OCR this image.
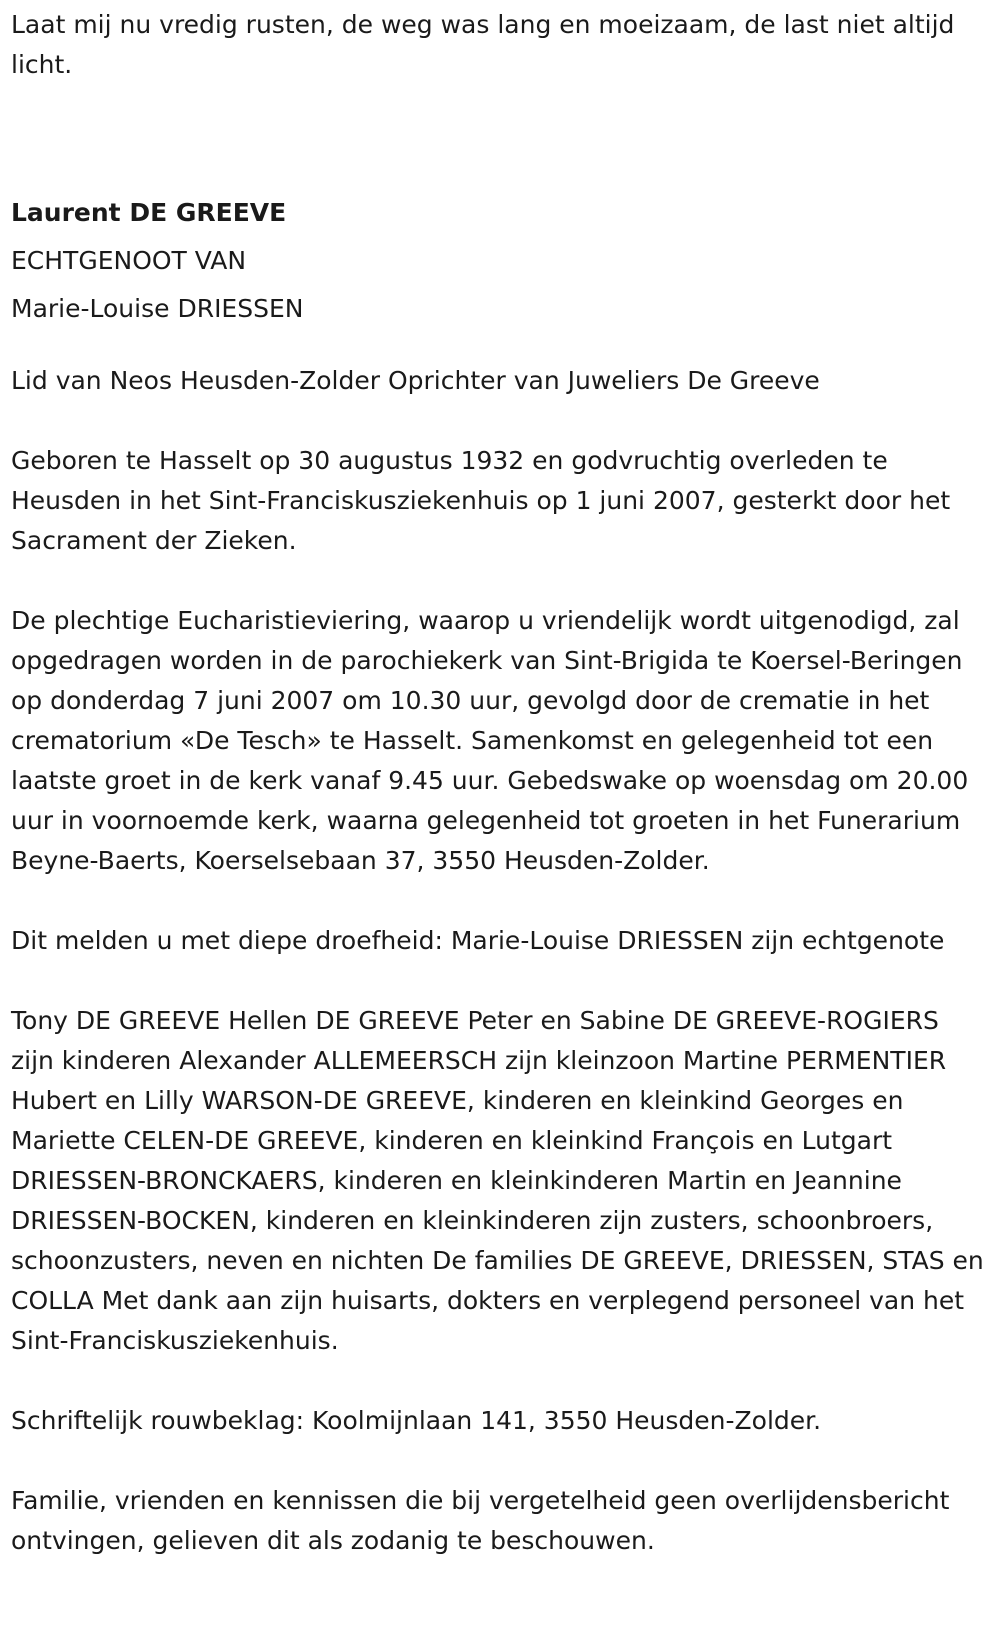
Laat mij nu vredig rusten, de weg was lang en moeizaam, de last niet altijd licht.

Laurent DE GREEVE

ECHTGENOOT VAN

Marie-Louise DRIESSEN

Lid van Neos Heusden-Zolder Oprichter van Juweliers De Greeve

Geboren te Hasselt op 30 augustus 1932 en godvruchtig overleden te Heusden in het Sint-Franciskusziekenhuis op 1 juni 2007, gesterkt door het Sacrament der Zieken.

De plechtige Eucharistieviering, waarop u vriendelijk wordt uitgenodigd, zal opgedragen worden in de parochiekerk van Sint-Brigida te Koersel-Beringen op donderdag 7 juni 2007 om 10.30 uur, gevolgd door de crematie in het crematorium «De Tesch» te Hasselt. Samenkomst en gelegenheid tot een laatste groet in de kerk vanaf 9.45 uur. Gebedswake op woensdag om 20.00 uur in voornoemde kerk, waarna gelegenheid tot groeten in het Funerarium Beyne-Baerts, Koerselsebaan 37, 3550 Heusden-Zolder.

Dit melden u met diepe droefheid: Marie-Louise DRIESSEN zijn echtgenote

Tony DE GREEVE Hellen DE GREEVE Peter en Sabine DE GREEVE-ROGIERS zijn kinderen Alexander ALLEMEERSCH zijn kleinzoon Martine PERMENTIER Hubert en Lilly WARSON-DE GREEVE, kinderen en kleinkind Georges en Mariette CELEN-DE GREEVE, kinderen en kleinkind François en Lutgart DRIESSEN-BRONCKAERS, kinderen en kleinkinderen Martin en Jeannine DRIESSEN-BOCKEN, kinderen en kleinkinderen zijn zusters, schoonbroers, schoonzusters, neven en nichten De families DE GREEVE, DRIESSEN, STAS en COLLA Met dank aan zijn huisarts, dokters en verplegend personeel van het Sint-Franciskusziekenhuis.

Schriftelijk rouwbeklag: Koolmijnlaan 141, 3550 Heusden-Zolder.

Familie, vrienden en kennissen die bij vergetelheid geen overlijdensbericht ontvingen, gelieven dit als zodanig te beschouwen.
